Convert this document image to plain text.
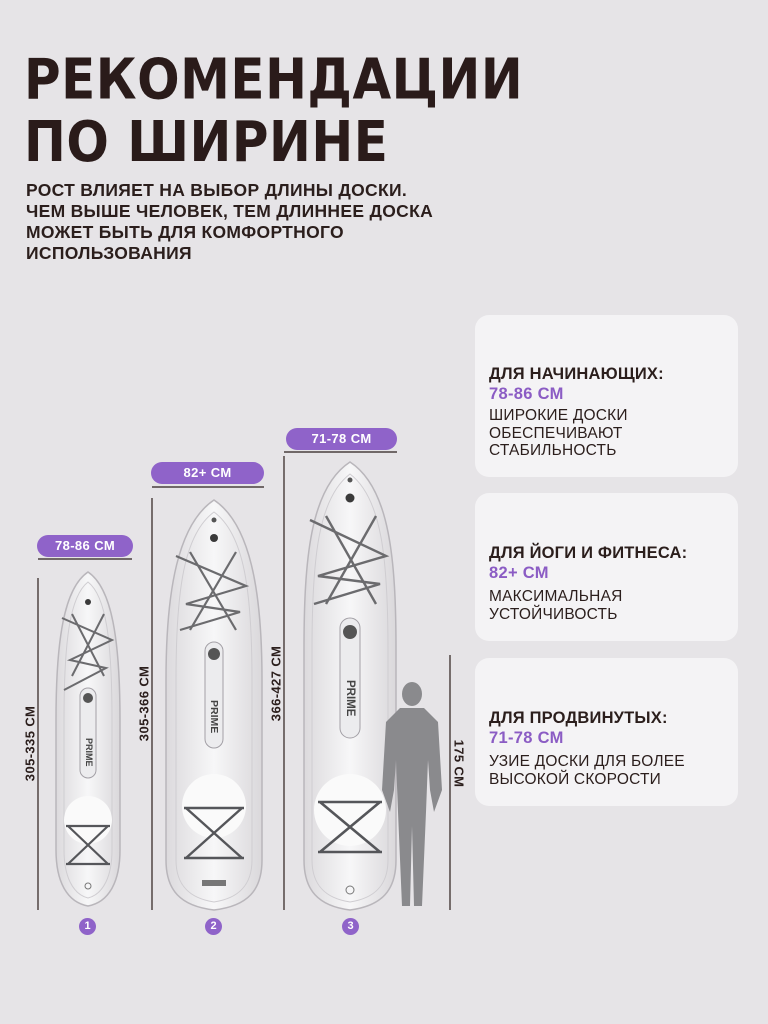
РЕКОМЕНДАЦИИ
ПО ШИРИНЕ
РОСТ ВЛИЯЕТ НА ВЫБОР ДЛИНЫ ДОСКИ.
ЧЕМ ВЫШЕ ЧЕЛОВЕК, ТЕМ ДЛИННЕЕ ДОСКА
МОЖЕТ БЫТЬ ДЛЯ КОМФОРТНОГО
ИСПОЛЬЗОВАНИЯ
PRIME
PRIME
PRIME
78-86 СМ
82+ СМ
71-78 СМ
305-335 СМ
305-366 СМ	366-427 СМ
175 СМ
1	2	3
ДЛЯ НАЧИНАЮЩИХ:
78-86 СМ
ШИРОКИЕ ДОСКИ
ОБЕСПЕЧИВАЮТ
СТАБИЛЬНОСТЬ
ДЛЯ ЙОГИ И ФИТНЕСА:
82+ СМ
МАКСИМАЛЬНАЯ
УСТОЙЧИВОСТЬ
ДЛЯ ПРОДВИНУТЫХ:
71-78 СМ
УЗИЕ ДОСКИ ДЛЯ БОЛЕЕ
ВЫСОКОЙ СКОРОСТИ
